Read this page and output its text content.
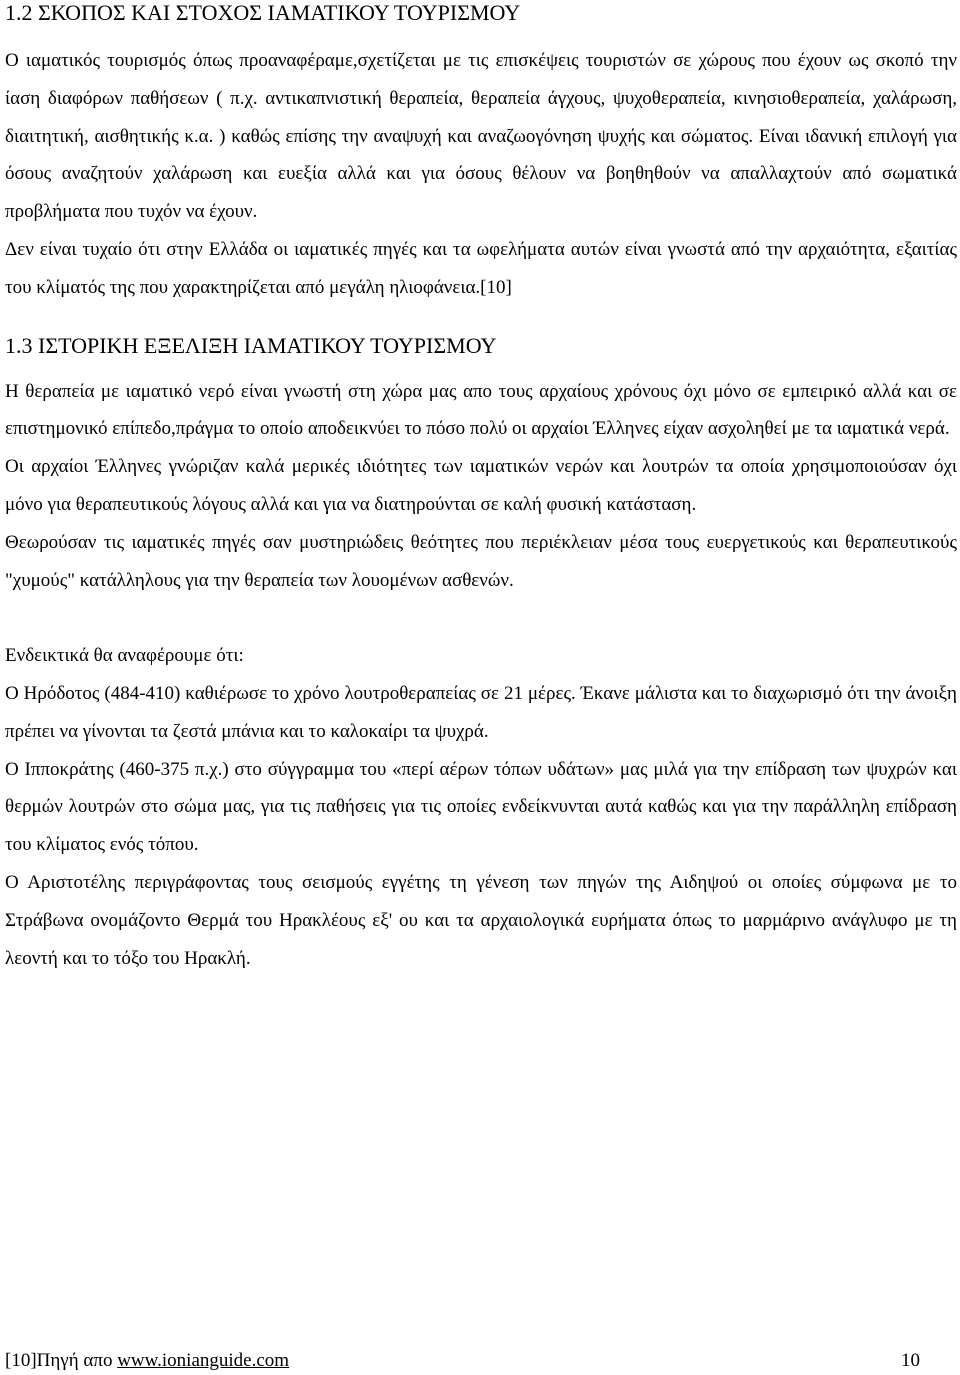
1.2 ΣΚΟΠΟΣ ΚΑΙ ΣΤΟΧΟΣ ΙΑΜΑΤΙΚΟΥ ΤΟΥΡΙΣΜΟΥ

Ο ιαματικός τουρισμός όπως προαναφέραμε,σχετίζεται με τις επισκέψεις τουριστών σε χώρους που έχουν ως σκοπό την ίαση διαφόρων παθήσεων ( π.χ. αντικαπνιστική θεραπεία, θεραπεία άγχους, ψυχοθεραπεία, κινησιοθεραπεία, χαλάρωση, διαιτητική, αισθητικής κ.α. ) καθώς επίσης την αναψυχή και αναζωογόνηση ψυχής και σώματος. Είναι ιδανική επιλογή για όσους αναζητούν χαλάρωση και ευεξία αλλά και για όσους θέλουν να βοηθηθούν να απαλλαχτούν από σωματικά προβλήματα που τυχόν να έχουν.

Δεν είναι τυχαίο ότι στην Ελλάδα οι ιαματικές πηγές και τα ωφελήματα αυτών είναι γνωστά από την αρχαιότητα, εξαιτίας του κλίματός της που χαρακτηρίζεται από μεγάλη ηλιοφάνεια.[10]

1.3 ΙΣΤΟΡΙΚΗ ΕΞΕΛΙΞΗ ΙΑΜΑΤΙΚΟΥ ΤΟΥΡΙΣΜΟΥ

Η θεραπεία με ιαματικό νερό είναι γνωστή στη χώρα μας απο τους αρχαίους χρόνους όχι μόνο σε εμπειρικό αλλά και σε επιστημονικό επίπεδο,πράγμα το οποίο αποδεικνύει το πόσο πολύ οι αρχαίοι Έλληνες είχαν ασχοληθεί με τα ιαματικά νερά.

Οι αρχαίοι Έλληνες γνώριζαν καλά μερικές ιδιότητες των ιαματικών νερών και λουτρών τα οποία χρησιμοποιούσαν όχι μόνο για θεραπευτικούς λόγους αλλά και για να διατηρούνται σε καλή φυσική κατάσταση.

Θεωρούσαν τις ιαματικές πηγές σαν μυστηριώδεις θεότητες που περιέκλειαν μέσα τους ευεργετικούς και θεραπευτικούς "χυμούς" κατάλληλους για την θεραπεία των λουομένων ασθενών.

Ενδεικτικά θα αναφέρουμε ότι:

Ο Ηρόδοτος (484-410) καθιέρωσε το χρόνο λουτροθεραπείας σε 21 μέρες. Έκανε μάλιστα και το διαχωρισμό ότι την άνοιξη πρέπει να γίνονται τα ζεστά μπάνια και το καλοκαίρι τα ψυχρά.

Ο Ιπποκράτης (460-375 π.χ.) στο σύγγραμμα του «περί αέρων τόπων υδάτων» μας μιλά για την επίδραση των ψυχρών και θερμών λουτρών στο σώμα μας, για τις παθήσεις για τις οποίες ενδείκνυνται αυτά καθώς και για την παράλληλη επίδραση του κλίματος ενός τόπου.

Ο Αριστοτέλης περιγράφοντας τους σεισμούς εγγέτης τη γένεση των πηγών της Αιδηψού οι οποίες σύμφωνα με το Στράβωνα ονομάζοντο Θερμά του Ηρακλέους εξ' ου και τα αρχαιολογικά ευρήματα όπως το μαρμάρινο ανάγλυφο με τη λεοντή και το τόξο του Ηρακλή.

[10]Πηγή απο www.ionianguide.com	10
